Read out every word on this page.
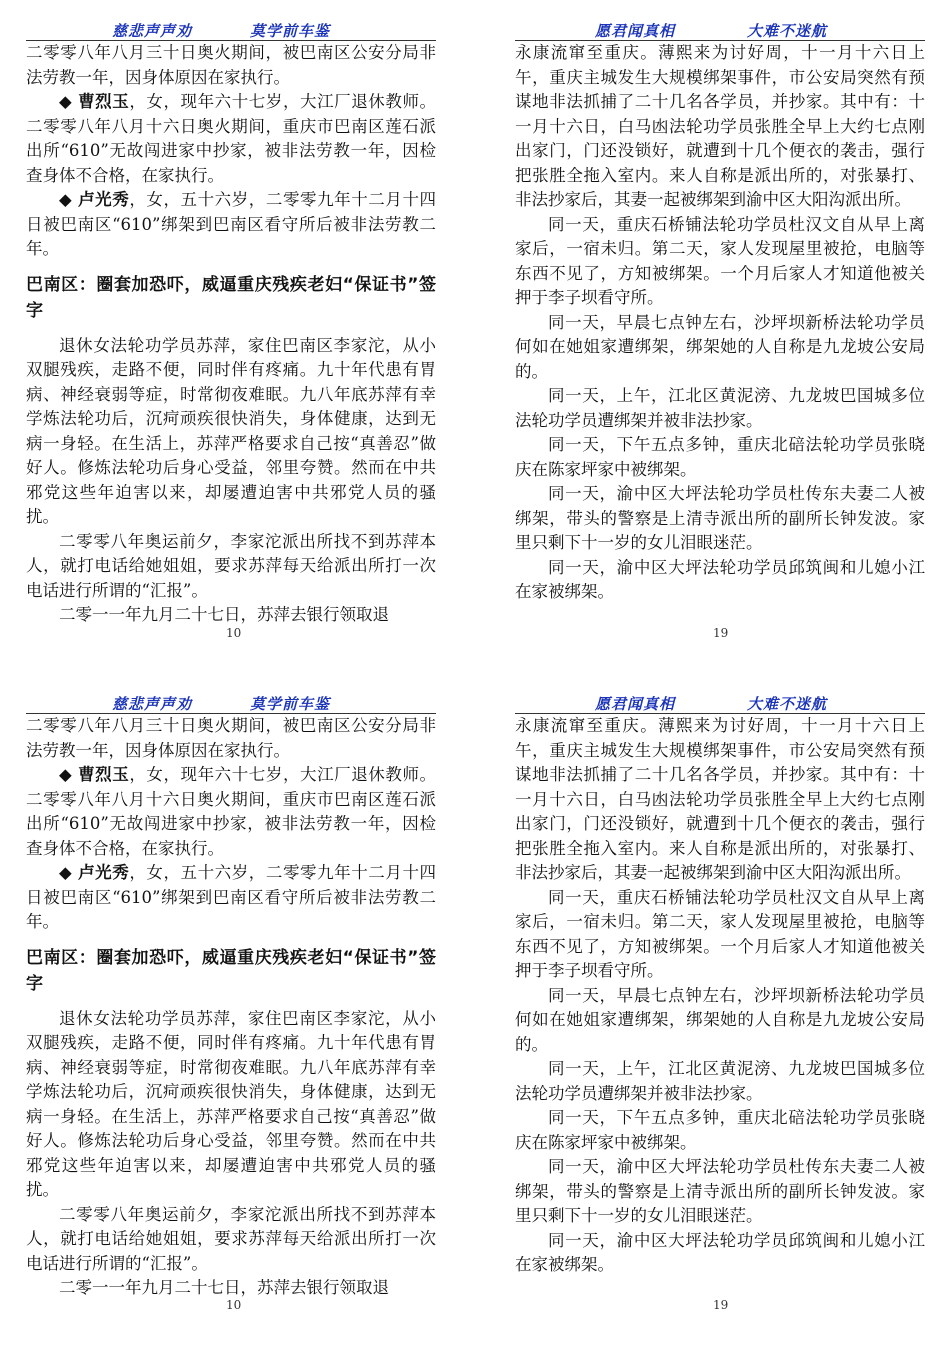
慈悲声声劝	莫学前车鉴

二零零八年八月三十日奥火期间，被巴南区公安分局非法劳教一年，因身体原因在家执行。

◆ 曹烈玉，女，现年六十七岁，大江厂退休教师。二零零八年八月十六日奥火期间，重庆市巴南区莲石派出所“610”无故闯进家中抄家，被非法劳教一年，因检查身体不合格，在家执行。

◆ 卢光秀，女，五十六岁，二零零九年十二月十四日被巴南区“610”绑架到巴南区看守所后被非法劳教二年。

巴南区：圈套加恐吓，威逼重庆残疾老妇“保证书”签字

退休女法轮功学员苏萍，家住巴南区李家沱，从小双腿残疾，走路不便，同时伴有疼痛。九十年代患有胃病、神经衰弱等症，时常彻夜难眠。九八年底苏萍有幸学炼法轮功后，沉疴顽疾很快消失，身体健康，达到无病一身轻。在生活上，苏萍严格要求自己按“真善忍”做好人。修炼法轮功后身心受益，邻里夸赞。然而在中共邪党这些年迫害以来，却屡遭迫害中共邪党人员的骚扰。

二零零八年奥运前夕，李家沱派出所找不到苏萍本人，就打电话给她姐姐，要求苏萍每天给派出所打一次电话进行所谓的“汇报”。

二零一一年九月二十七日，苏萍去银行领取退

10
愿君闻真相	大难不迷航

永康流窜至重庆。薄熙来为讨好周，十一月十六日上午，重庆主城发生大规模绑架事件，市公安局突然有预谋地非法抓捕了二十几名各学员，并抄家。其中有：十一月十六日，白马凼法轮功学员张胜全早上大约七点刚出家门，门还没锁好，就遭到十几个便衣的袭击，强行把张胜全拖入室内。来人自称是派出所的，对张暴打、非法抄家后，其妻一起被绑架到渝中区大阳沟派出所。

同一天，重庆石桥铺法轮功学员杜汉文自从早上离家后，一宿未归。第二天，家人发现屋里被抢，电脑等东西不见了，方知被绑架。一个月后家人才知道他被关押于李子坝看守所。

同一天，早晨七点钟左右，沙坪坝新桥法轮功学员何如在她姐家遭绑架，绑架她的人自称是九龙坡公安局的。

同一天，上午，江北区黄泥滂、九龙坡巴国城多位法轮功学员遭绑架并被非法抄家。

同一天，下午五点多钟，重庆北碚法轮功学员张晓庆在陈家坪家中被绑架。

同一天，渝中区大坪法轮功学员杜传东夫妻二人被绑架，带头的警察是上清寺派出所的副所长钟发波。家里只剩下十一岁的女儿泪眼迷茫。

同一天，渝中区大坪法轮功学员邱筑闽和儿媳小江在家被绑架。

19
慈悲声声劝	莫学前车鉴

二零零八年八月三十日奥火期间，被巴南区公安分局非法劳教一年，因身体原因在家执行。

◆ 曹烈玉，女，现年六十七岁，大江厂退休教师。二零零八年八月十六日奥火期间，重庆市巴南区莲石派出所“610”无故闯进家中抄家，被非法劳教一年，因检查身体不合格，在家执行。

◆ 卢光秀，女，五十六岁，二零零九年十二月十四日被巴南区“610”绑架到巴南区看守所后被非法劳教二年。

巴南区：圈套加恐吓，威逼重庆残疾老妇“保证书”签字

退休女法轮功学员苏萍，家住巴南区李家沱，从小双腿残疾，走路不便，同时伴有疼痛。九十年代患有胃病、神经衰弱等症，时常彻夜难眠。九八年底苏萍有幸学炼法轮功后，沉疴顽疾很快消失，身体健康，达到无病一身轻。在生活上，苏萍严格要求自己按“真善忍”做好人。修炼法轮功后身心受益，邻里夸赞。然而在中共邪党这些年迫害以来，却屡遭迫害中共邪党人员的骚扰。

二零零八年奥运前夕，李家沱派出所找不到苏萍本人，就打电话给她姐姐，要求苏萍每天给派出所打一次电话进行所谓的“汇报”。

二零一一年九月二十七日，苏萍去银行领取退

10
愿君闻真相	大难不迷航

永康流窜至重庆。薄熙来为讨好周，十一月十六日上午，重庆主城发生大规模绑架事件，市公安局突然有预谋地非法抓捕了二十几名各学员，并抄家。其中有：十一月十六日，白马凼法轮功学员张胜全早上大约七点刚出家门，门还没锁好，就遭到十几个便衣的袭击，强行把张胜全拖入室内。来人自称是派出所的，对张暴打、非法抄家后，其妻一起被绑架到渝中区大阳沟派出所。

同一天，重庆石桥铺法轮功学员杜汉文自从早上离家后，一宿未归。第二天，家人发现屋里被抢，电脑等东西不见了，方知被绑架。一个月后家人才知道他被关押于李子坝看守所。

同一天，早晨七点钟左右，沙坪坝新桥法轮功学员何如在她姐家遭绑架，绑架她的人自称是九龙坡公安局的。

同一天，上午，江北区黄泥滂、九龙坡巴国城多位法轮功学员遭绑架并被非法抄家。

同一天，下午五点多钟，重庆北碚法轮功学员张晓庆在陈家坪家中被绑架。

同一天，渝中区大坪法轮功学员杜传东夫妻二人被绑架，带头的警察是上清寺派出所的副所长钟发波。家里只剩下十一岁的女儿泪眼迷茫。

同一天，渝中区大坪法轮功学员邱筑闽和儿媳小江在家被绑架。

19
